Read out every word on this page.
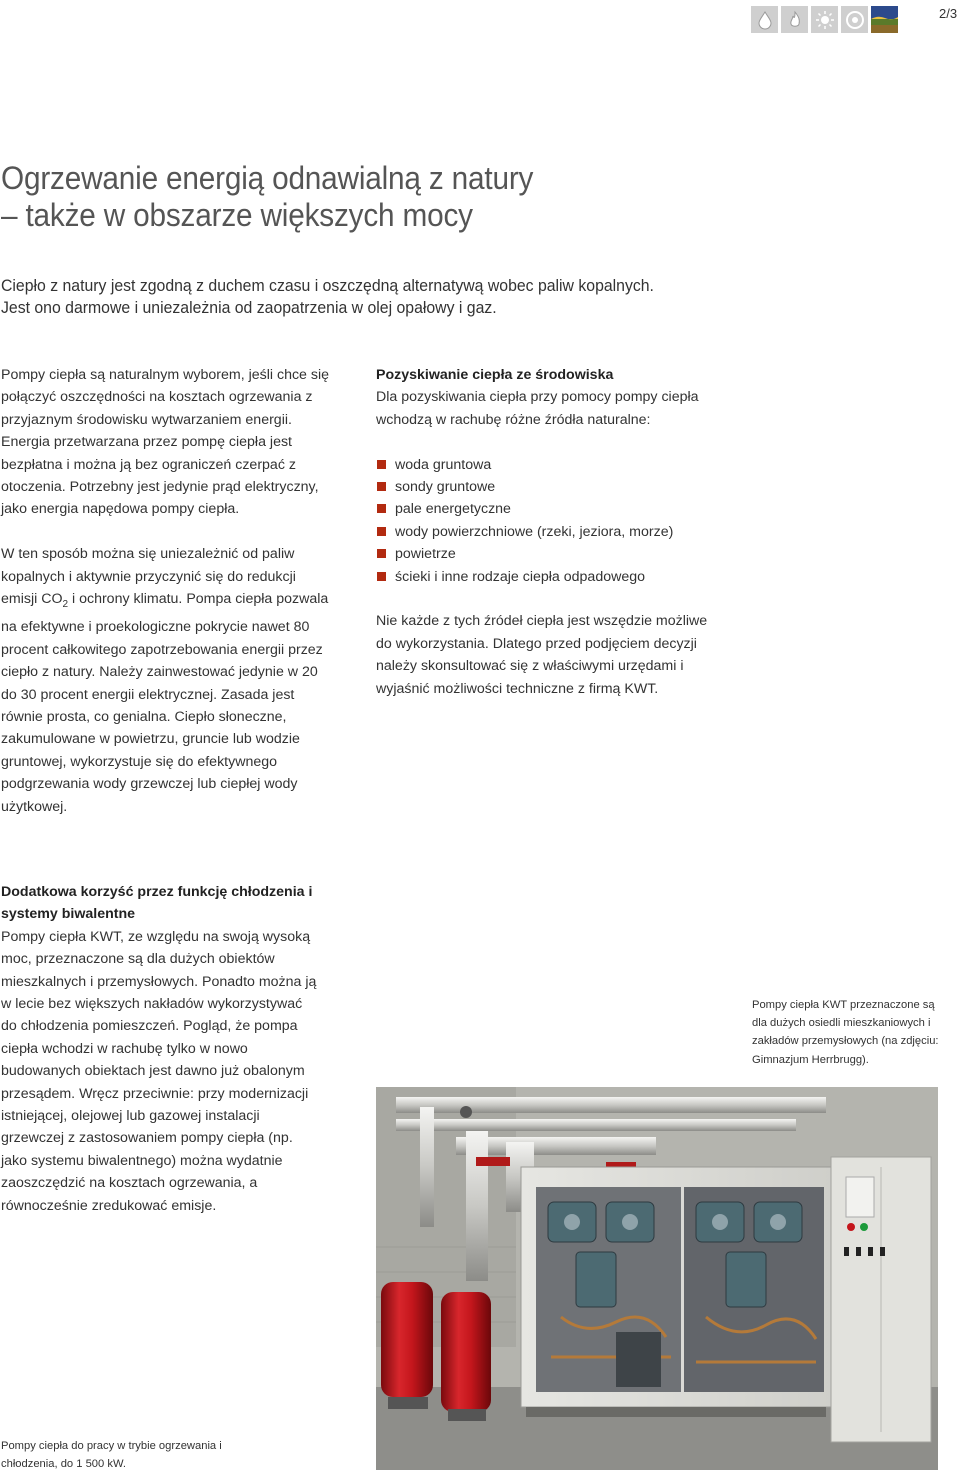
2/3
Ogrzewanie energią odnawialną z natury
– także w obszarze większych mocy
Ciepło z natury jest zgodną z duchem czasu i oszczędną alternatywą wobec paliw kopalnych.
Jest ono darmowe i uniezależnia od zaopatrzenia w olej opałowy i gaz.

Pompy ciepła są naturalnym wyborem, jeśli chce się połączyć oszczędności na kosztach ogrzewania z przyjaznym środowisku wytwarzaniem energii. Energia przetwarzana przez pompę ciepła jest bezpłatna i można ją bez ograniczeń czerpać z otoczenia. Potrzebny jest jedynie prąd elektryczny, jako energia napędowa pompy ciepła.

W ten sposób można się uniezależnić od paliw kopalnych i aktywnie przyczynić się do redukcji emisji $CO_2$ i ochrony klimatu. Pompa ciepła pozwala na efektywne i proekologiczne pokrycie nawet 80 procent całkowitego zapotrzebowania energii przez ciepło z natury. Należy zainwestować jedynie w 20 do 30 procent energii elektrycznej. Zasada jest równie prosta, co genialna. Ciepło słoneczne, zakumulowane w powietrzu, gruncie lub wodzie gruntowej, wykorzystuje się do efektywnego podgrzewania wody grzewczej lub ciepłej wody użytkowej.

Pozyskiwanie ciepła ze środowiska

Dla pozyskiwania ciepła przy pomocy pompy ciepła wchodzą w rachubę różne źródła naturalne:

woda gruntowa
sondy gruntowe
pale energetyczne
wody powierzchniowe (rzeki, jeziora, morze)
powietrze
ścieki i inne rodzaje ciepła odpadowego

Nie każde z tych źródeł ciepła jest wszędzie możliwe do wykorzystania. Dlatego przed podjęciem decyzji należy skonsultować się z właściwymi urzędami i wyjaśnić możliwości techniczne z firmą KWT.

Dodatkowa korzyść przez funkcję chłodzenia i systemy biwalentne
Pompy ciepła KWT, ze względu na swoją wysoką moc, przeznaczone są dla dużych obiektów mieszkalnych i przemysłowych. Ponadto można ją w lecie bez większych nakładów wykorzystywać do chłodzenia pomieszczeń. Pogląd, że pompa ciepła wchodzi w rachubę tylko w nowo budowanych obiektach jest dawno już obalonym przesądem. Wręcz przeciwnie: przy modernizacji istniejącej, olejowej lub gazowej instalacji grzewczej z zastosowaniem pompy ciepła (np. jako systemu biwalentnego) można wydatnie zaoszczędzić na kosztach ogrzewania, a równocześnie zredukować emisje.
Pompy ciepła KWT przeznaczone są dla dużych osiedli mieszkaniowych i zakładów przemysłowych (na zdjęciu: Gimnazjum Herrbrugg).
Pompy ciepła do pracy w trybie ogrzewania i chłodzenia, do 1 500 kW.
